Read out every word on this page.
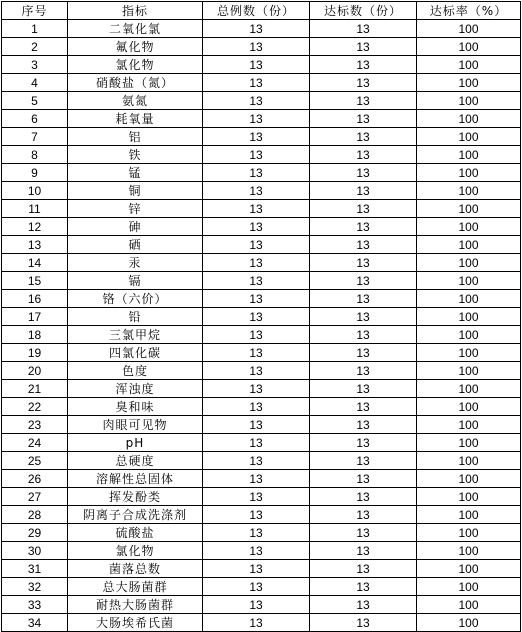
序号	指标	总例数（份）	达标数（份）	达标率（%）
1	二氧化氯	13	13	100
2	氟化物	13	13	100
3	氯化物	13	13	100
4	硝酸盐（氮）	13	13	100
5	氨氮	13	13	100
6	耗氧量	13	13	100
7	铝	13	13	100
8	铁	13	13	100
9	锰	13	13	100
10	铜	13	13	100
11	锌	13	13	100
12	砷	13	13	100
13	硒	13	13	100
14	汞	13	13	100
15	镉	13	13	100
16	铬（六价）	13	13	100
17	铅	13	13	100
18	三氯甲烷	13	13	100
19	四氯化碳	13	13	100
20	色度	13	13	100
21	浑浊度	13	13	100
22	臭和味	13	13	100
23	肉眼可见物	13	13	100
24	pH	13	13	100
25	总硬度	13	13	100
26	溶解性总固体	13	13	100
27	挥发酚类	13	13	100
28	阴离子合成洗涤剂	13	13	100
29	硫酸盐	13	13	100
30	氯化物	13	13	100
31	菌落总数	13	13	100
32	总大肠菌群	13	13	100
33	耐热大肠菌群	13	13	100
34	大肠埃希氏菌	13	13	100
